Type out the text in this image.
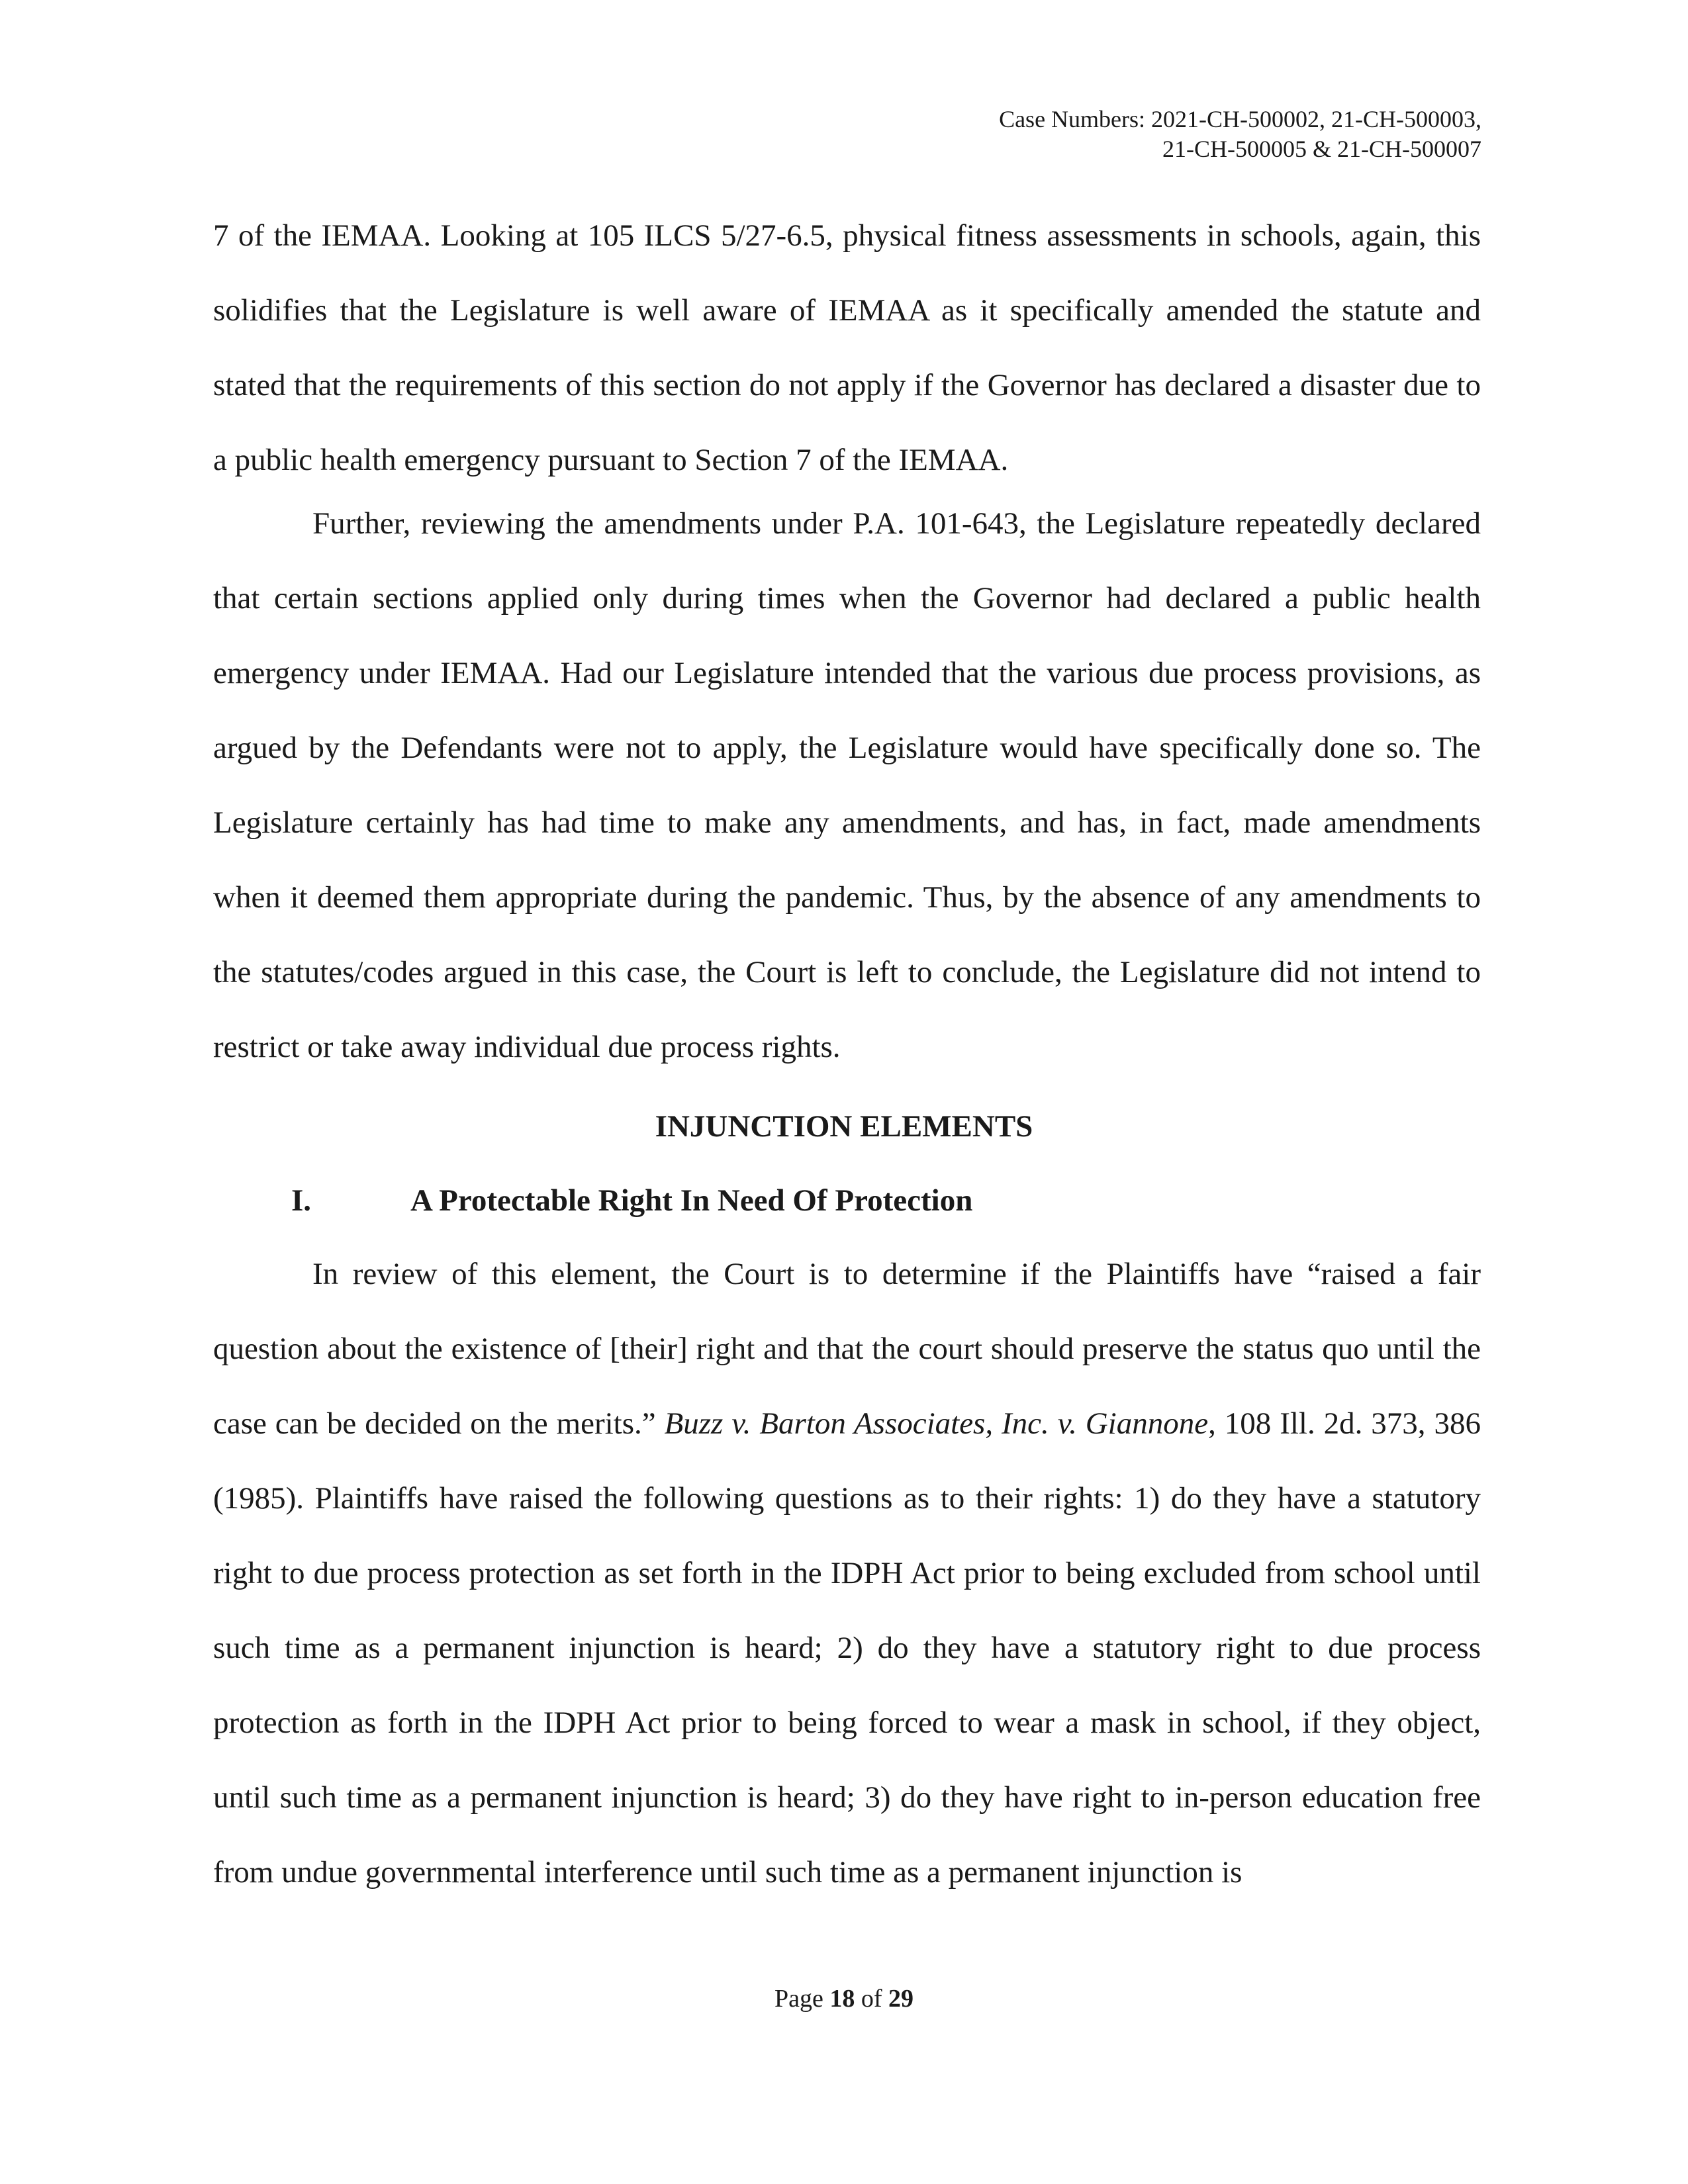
Case Numbers: 2021-CH-500002, 21-CH-500003,
21-CH-500005 & 21-CH-500007

7 of the IEMAA. Looking at 105 ILCS 5/27-6.5, physical fitness assessments in schools, again, this solidifies that the Legislature is well aware of IEMAA as it specifically amended the statute and stated that the requirements of this section do not apply if the Governor has declared a disaster due to a public health emergency pursuant to Section 7 of the IEMAA.

Further, reviewing the amendments under P.A. 101-643, the Legislature repeatedly declared that certain sections applied only during times when the Governor had declared a public health emergency under IEMAA. Had our Legislature intended that the various due process provisions, as argued by the Defendants were not to apply, the Legislature would have specifically done so. The Legislature certainly has had time to make any amendments, and has, in fact, made amendments when it deemed them appropriate during the pandemic. Thus, by the absence of any amendments to the statutes/codes argued in this case, the Court is left to conclude, the Legislature did not intend to restrict or take away individual due process rights.

INJUNCTION ELEMENTS
I.	A Protectable Right In Need Of Protection

In review of this element, the Court is to determine if the Plaintiffs have “raised a fair question about the existence of [their] right and that the court should preserve the status quo until the case can be decided on the merits.” Buzz v. Barton Associates, Inc. v. Giannone, 108 Ill. 2d. 373, 386 (1985). Plaintiffs have raised the following questions as to their rights: 1) do they have a statutory right to due process protection as set forth in the IDPH Act prior to being excluded from school until such time as a permanent injunction is heard; 2) do they have a statutory right to due process protection as forth in the IDPH Act prior to being forced to wear a mask in school, if they object, until such time as a permanent injunction is heard; 3) do they have right to in-person education free from undue governmental interference until such time as a permanent injunction is

Page 18 of 29
